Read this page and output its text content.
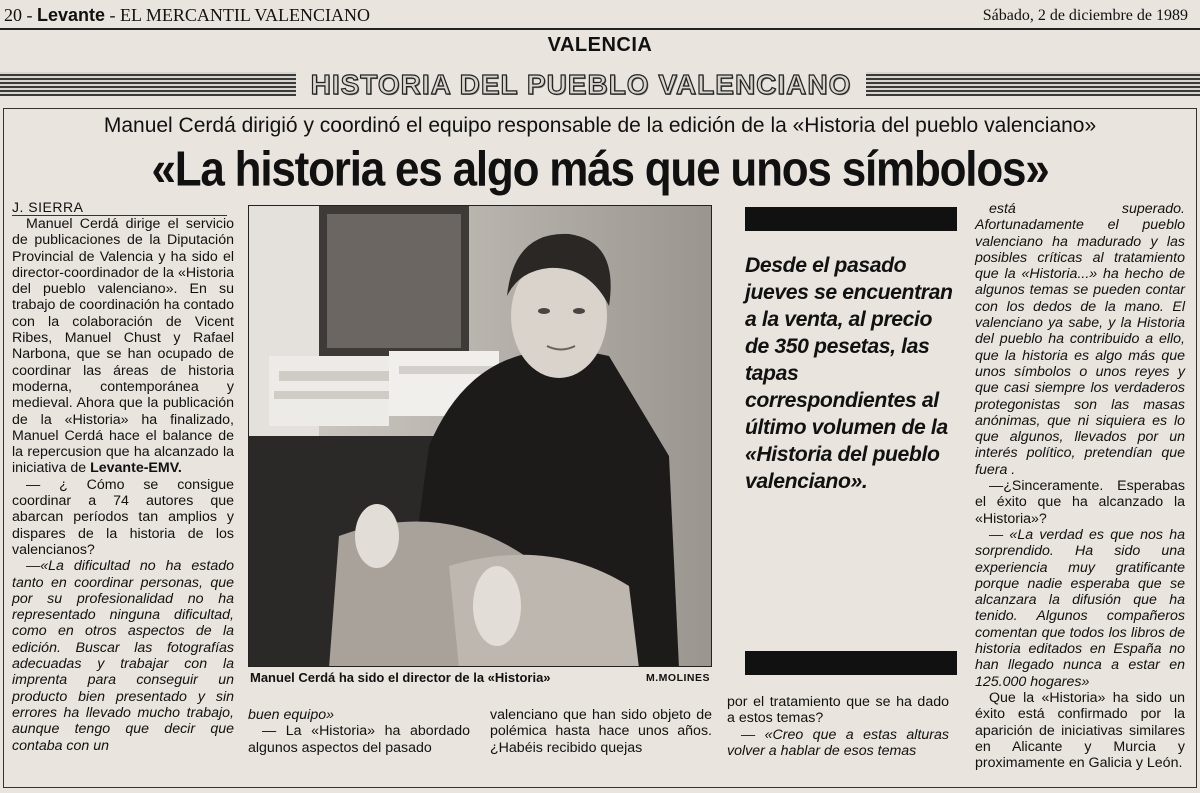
20 - Levante - EL MERCANTIL VALENCIANO	Sábado, 2 de diciembre de 1989
VALENCIA
HISTORIA DEL PUEBLO VALENCIANO
Manuel Cerdá dirigió y coordinó el equipo responsable de la edición de la «Historia del pueblo valenciano»
«La historia es algo más que unos símbolos»
J. SIERRA

Manuel Cerdá dirige el servicio de publicaciones de la Diputación Provincial de Valencia y ha sido el director-coordinador de la «Historia del pueblo valenciano». En su trabajo de coordinación ha contado con la colaboración de Vicent Ribes, Manuel Chust y Rafael Narbona, que se han ocupado de coordinar las áreas de historia moderna, contemporánea y medieval. Ahora que la publicación de la «Historia» ha finalizado, Manuel Cerdá hace el balance de la repercusion que ha alcanzado la iniciativa de Levante-EMV.

— ¿ Cómo se consigue coordinar a 74 autores que abarcan períodos tan amplios y dispares de la historia de los valencianos?

—«La dificultad no ha estado tanto en coordinar personas, que por su profesionalidad no ha representado ninguna dificultad, como en otros aspectos de la edición. Buscar las fotografías adecuadas y trabajar con la imprenta para conseguir un producto bien presentado y sin errores ha llevado mucho trabajo, aunque tengo que decir que contaba con un

Manuel Cerdá ha sido el director de la «Historia»	M.MOLINES
Desde el pasado jueves se encuentran a la venta, al precio de 350 pesetas, las tapas correspondientes al último volumen de la «Historia del pueblo valenciano».

está superado. Afortunadamente el pueblo valenciano ha madurado y las posibles críticas al tratamiento que la «Historia...» ha hecho de algunos temas se pueden contar con los dedos de la mano. El valenciano ya sabe, y la Historia del pueblo ha contribuido a ello, que la historia es algo más que unos símbolos o unos reyes y que casi siempre los verdaderos protegonistas son las masas anónimas, que ni siquiera es lo que algunos, llevados por un interés político, pretendían que fuera .

—¿Sinceramente. Esperabas el éxito que ha alcanzado la «Historia»?

— «La verdad es que nos ha sorprendido. Ha sido una experiencia muy gratificante porque nadie esperaba que se alcanzara la difusión que ha tenido. Algunos compañeros comentan que todos los libros de historia editados en España no han llegado nunca a estar en 125.000 hogares»

Que la «Historia» ha sido un éxito está confirmado por la aparición de iniciativas similares en Alicante y Murcia y proximamente en Galicia y León.

buen equipo»

— La «Historia» ha abordado algunos aspectos del pasado

valenciano que han sido objeto de polémica hasta hace unos años.¿Habéis recibido quejas

por el tratamiento que se ha dado a estos temas?

— «Creo que a estas alturas volver a hablar de esos temas
